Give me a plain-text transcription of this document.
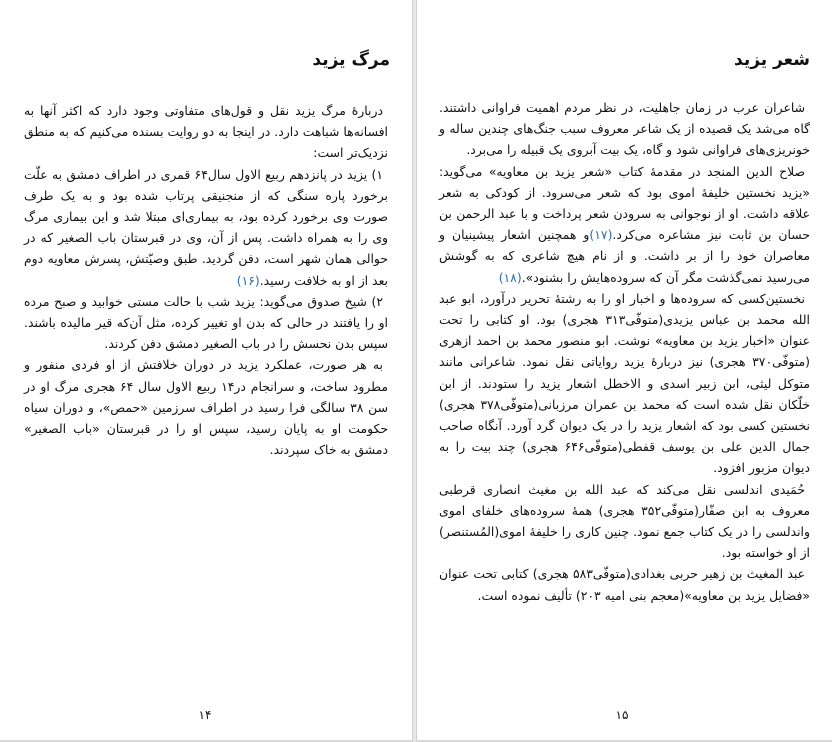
مرگ یزید

دربارهٔ مرگ یزید نقل و قول‌های متفاوتی وجود دارد که اکثر آنها به افسانه‌ها شباهت دارد. در اینجا به دو روایت بسنده می‌کنیم که به منطق نزدیک‌تر است:

۱) یزید در پانزدهم ربیع الاول سال۶۴ قمری در اطراف دمشق به علّت برخورد پاره سنگی که از منجنیقی پرتاب شده بود و به یک طرف صورت وی برخورد کرده بود، به بیماری‌ای مبتلا شد و این بیماری مرگ وی را به همراه داشت. پس از آن، وی در قبرستان باب الصغیر که در حوالی همان شهر است، دفن گردید. طبق وصیّتش، پسرش معاویه دوم بعد از او به خلافت رسید.(۱۶)

۲) شیخ صدوق می‌گوید: یزید شب با حالت مستی خوابید و صبح مرده او را یافتند در حالی که بدن او تغییر کرده، مثل آن‌که قیر مالیده باشند. سپس بدن نحسش را در باب الصغیر دمشق دفن کردند.

به هر صورت، عملکرد یزید در دوران خلافتش از او فردی منفور و مطرود ساخت، و سرانجام در۱۴ ربیع الاول سال ۶۴ هجری مرگ او در سن ۳۸ سالگی فرا رسید در اطراف سرزمین «حمص»، و دوران سیاه حکومت او به پایان رسید، سپس او را در قبرستان «باب الصغیر» دمشق به خاک سپردند.

۱۴
شعر یزید

شاعران عرب در زمان جاهلیت، در نظر مردم اهمیت فراوانی داشتند. گاه می‌شد یک قصیده از یک شاعر معروف سبب جنگ‌های چندین ساله و خونریزی‌های فراوانی شود و گاه، یک بیت آبروی یک قبیله را می‌برد.

صلاح الدین المنجد در مقدمهٔ کتاب «شعر یزید بن معاویه» می‌گوید: «یزید نخستین خلیفهٔ اموی بود که شعر می‌سرود. از کودکی به شعر علاقه داشت. او از نوجوانی به سرودن شعر پرداخت و با عبد الرحمن بن حسان بن ثابت نیز مشاعره می‌کرد.(۱۷)و همچنین اشعار پیشینیان و معاصران خود را از بر داشت. و از نام هیچ شاعری که به گوشش می‌رسید نمی‌گذشت مگر آن که سروده‌هایش را بشنود».(۱۸)

نخستین‌کسی که سروده‌ها و اخبار او را به رشتهٔ تحریر درآورد، ابو عبد الله محمد بن عباس یزیدی(متوفّی۳۱۳ هجری) بود. او کتابی را تحت عنوان «اخبار یزید بن معاویه» نوشت. ابو منصور محمد بن احمد ازهری (متوفّی۳۷۰ هجری) نیز دربارهٔ یزید روایاتی نقل نمود. شاعرانی مانند متوکل لیثی، ابن زبیر اسدی و الاخطل اشعار یزید را ستودند. از ابن خلّکان نقل شده است که محمد بن عمران مرزبانی(متوفّی۳۷۸ هجری) نخستین کسی بود که اشعار یزید را در یک دیوان گرد آورد. آنگاه صاحب جمال الدین علی بن یوسف قفطی(متوفّی۶۴۶ هجری) چند بیت را به دیوان مزبور افزود.

حُمَیدی اندلسی نقل می‌کند که عبد الله بن مغیث انصاری قرطبی معروف به ابن صفّار(متوفّی۳۵۲ هجری) همهٔ سروده‌های خلفای اموی واندلسی را در یک کتاب جمع نمود. چنین کاری را خلیفهٔ اموی(المُستنصر) از او خواسته بود.

عبد المغیث بن زهیر حربی بغدادی(متوفّی۵۸۳ هجری) کتابی تحت عنوان «فضایل یزید بن معاویه»(معجم بنی امیه ۲۰۳) تألیف نموده است.

۱۵
